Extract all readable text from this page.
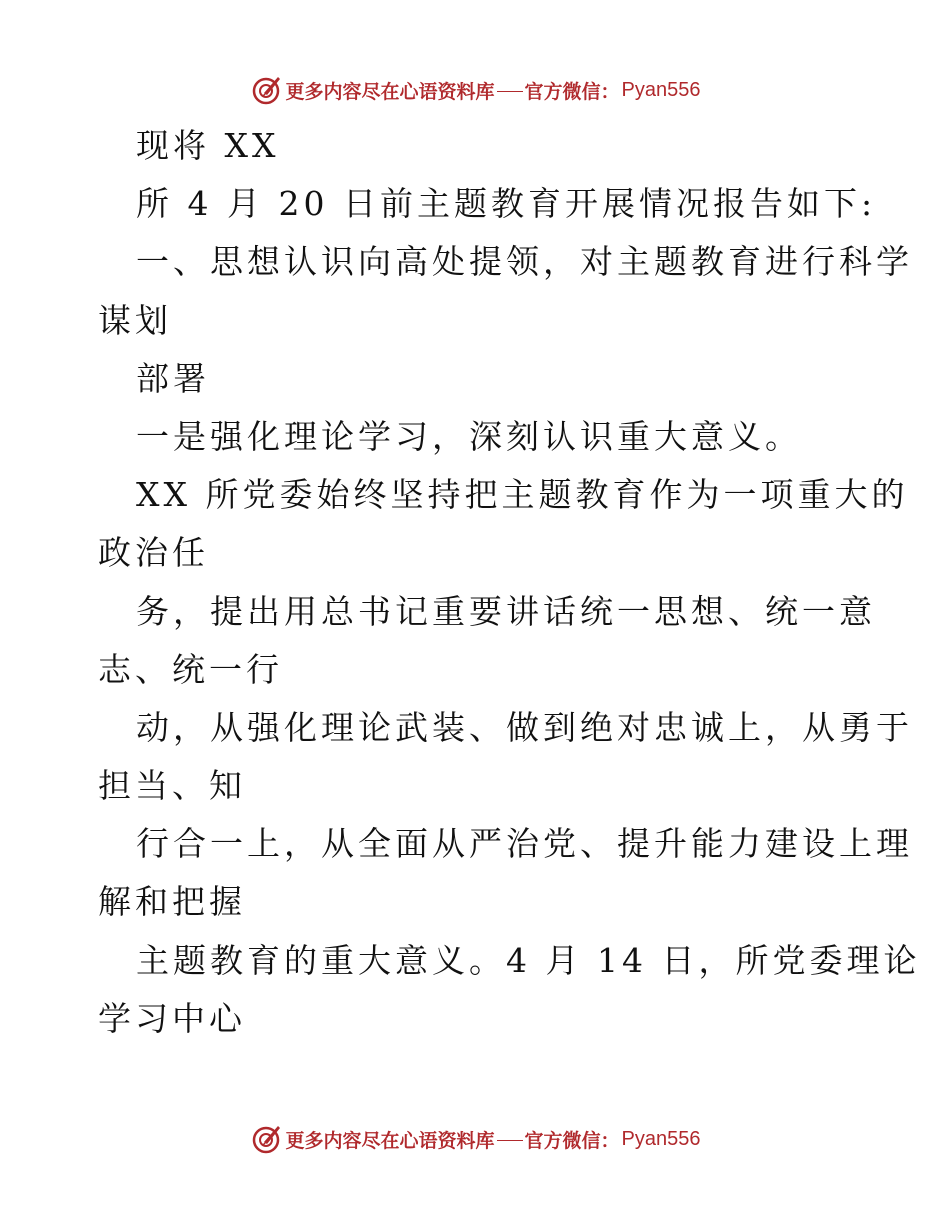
更多内容尽在心语资料库 官方微信： Pyan556
现将 XX
所 4 月 20 日前主题教育开展情况报告如下:
一、思想认识向高处提领，对主题教育进行科学
谋划
部署
一是强化理论学习，深刻认识重大意义。
XX 所党委始终坚持把主题教育作为一项重大的
政治任
务，提出用总书记重要讲话统一思想、统一意
志、统一行
动，从强化理论武装、做到绝对忠诚上，从勇于
担当、知
行合一上，从全面从严治党、提升能力建设上理
解和把握
主题教育的重大意义。4 月 14 日，所党委理论
学习中心
更多内容尽在心语资料库 官方微信： Pyan556
